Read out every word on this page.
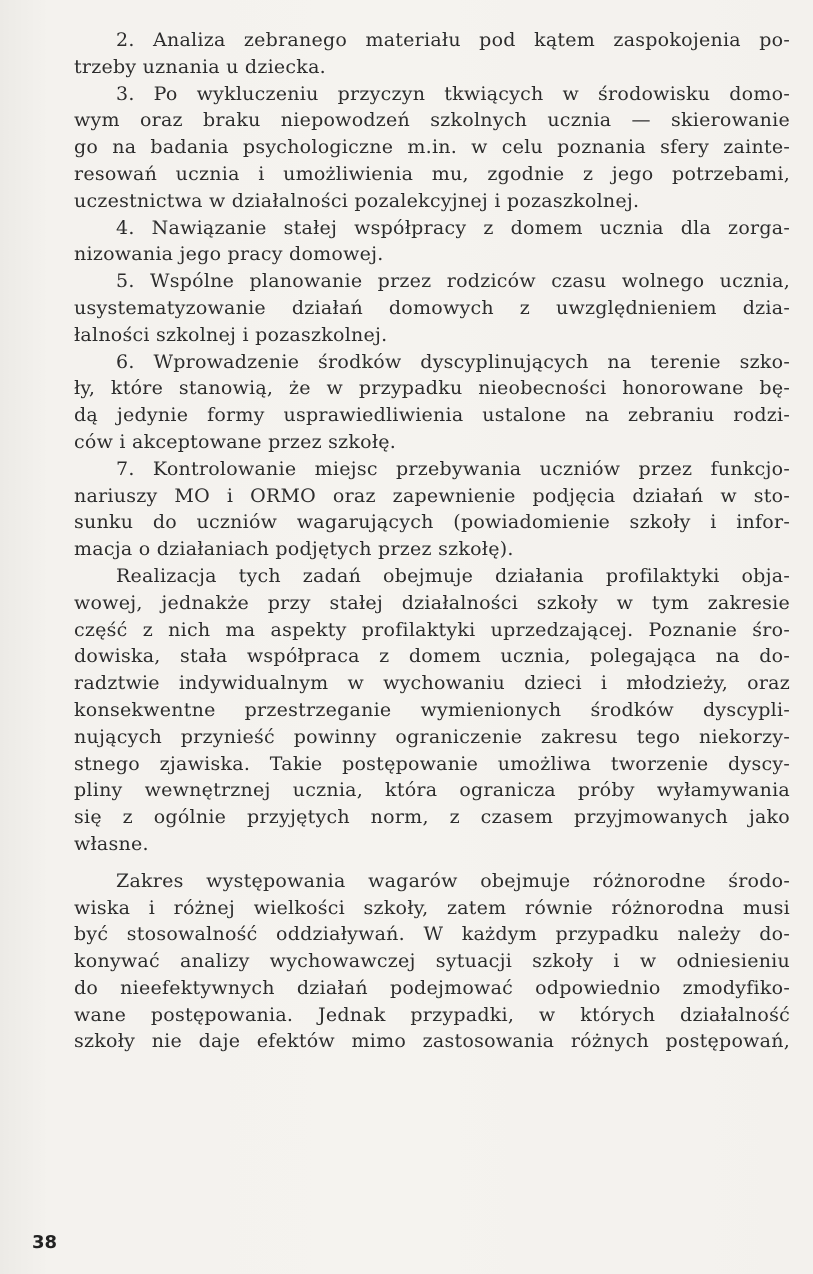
2. Analiza zebranego materiału pod kątem zaspokojenia po-
trzeby uznania u dziecka.
3. Po wykluczeniu przyczyn tkwiących w środowisku domo-
wym oraz braku niepowodzeń szkolnych ucznia — skierowanie
go na badania psychologiczne m.in. w celu poznania sfery zainte-
resowań ucznia i umożliwienia mu, zgodnie z jego potrzebami,
uczestnictwa w działalności pozalekcyjnej i pozaszkolnej.
4. Nawiązanie stałej współpracy z domem ucznia dla zorga-
nizowania jego pracy domowej.
5. Wspólne planowanie przez rodziców czasu wolnego ucznia,
usystematyzowanie działań domowych z uwzględnieniem dzia-
łalności szkolnej i pozaszkolnej.
6. Wprowadzenie środków dyscyplinujących na terenie szko-
ły, które stanowią, że w przypadku nieobecności honorowane bę-
dą jedynie formy usprawiedliwienia ustalone na zebraniu rodzi-
ców i akceptowane przez szkołę.
7. Kontrolowanie miejsc przebywania uczniów przez funkcjo-
nariuszy MO i ORMO oraz zapewnienie podjęcia działań w sto-
sunku do uczniów wagarujących (powiadomienie szkoły i infor-
macja o działaniach podjętych przez szkołę).
Realizacja tych zadań obejmuje działania profilaktyki obja-
wowej, jednakże przy stałej działalności szkoły w tym zakresie
część z nich ma aspekty profilaktyki uprzedzającej. Poznanie śro-
dowiska, stała współpraca z domem ucznia, polegająca na do-
radztwie indywidualnym w wychowaniu dzieci i młodzieży, oraz
konsekwentne przestrzeganie wymienionych środków dyscypli-
nujących przynieść powinny ograniczenie zakresu tego niekorzy-
stnego zjawiska. Takie postępowanie umożliwa tworzenie dyscy-
pliny wewnętrznej ucznia, która ogranicza próby wyłamywania
się z ogólnie przyjętych norm, z czasem przyjmowanych jako
własne.
Zakres występowania wagarów obejmuje różnorodne środo-
wiska i różnej wielkości szkoły, zatem równie różnorodna musi
być stosowalność oddziaływań. W każdym przypadku należy do-
konywać analizy wychowawczej sytuacji szkoły i w odniesieniu
do nieefektywnych działań podejmować odpowiednio zmodyfiko-
wane postępowania. Jednak przypadki, w których działalność
szkoły nie daje efektów mimo zastosowania różnych postępowań,
38
